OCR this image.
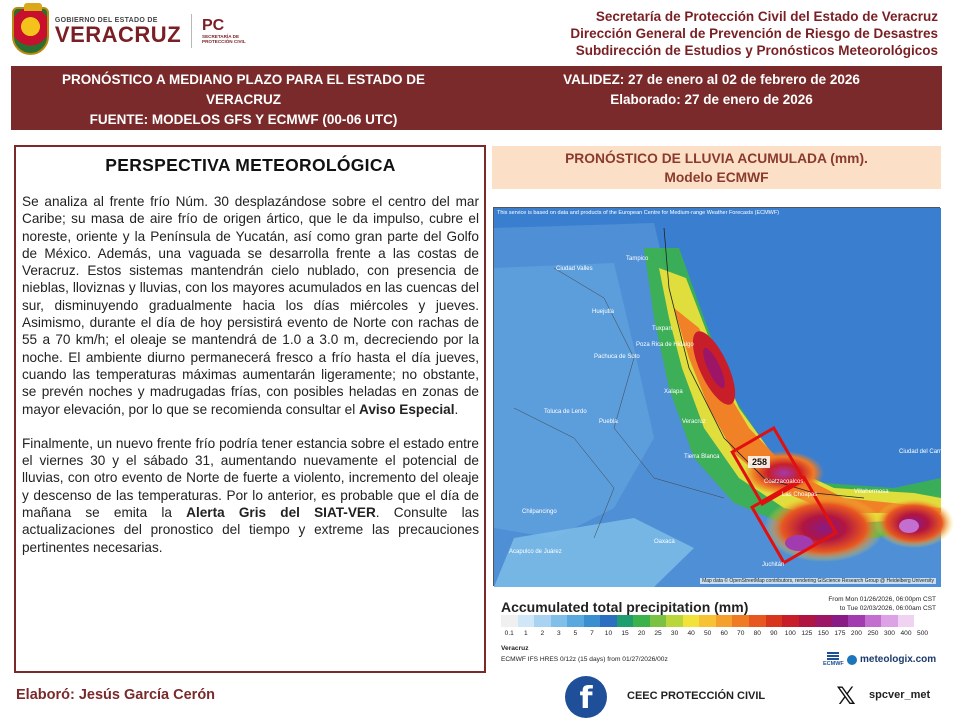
GOBIERNO DEL ESTADO DE
VERACRUZ PC
SECRETARÍA DE PROTECCIÓN CIVIL
Secretaría de Protección Civil del Estado de Veracruz
Dirección General de Prevención de Riesgo de Desastres
Subdirección de Estudios y Pronósticos Meteorológicos
PRONÓSTICO A MEDIANO PLAZO PARA EL ESTADO DE
VERACRUZ
FUENTE: MODELOS GFS Y ECMWF (00-06 UTC)
VALIDEZ: 27 de enero al 02 de febrero de 2026
Elaborado: 27 de enero de 2026
PERSPECTIVA METEOROLÓGICA

Se analiza al frente frío Núm. 30 desplazándose sobre el centro del mar Caribe; su masa de aire frío de origen ártico, que le da impulso, cubre el noreste, oriente y la Península de Yucatán, así como gran parte del Golfo de México. Además, una vaguada se desarrolla frente a las costas de Veracruz. Estos sistemas mantendrán cielo nublado, con presencia de nieblas, lloviznas y lluvias, con los mayores acumulados en las cuencas del sur, disminuyendo gradualmente hacia los días miércoles y jueves. Asimismo, durante el día de hoy persistirá evento de Norte con rachas de 55 a 70 km/h; el oleaje se mantendrá de 1.0 a 3.0 m, decreciendo por la noche. El ambiente diurno permanecerá fresco a frío hasta el día jueves, cuando las temperaturas máximas aumentarán ligeramente; no obstante, se prevén noches y madrugadas frías, con posibles heladas en zonas de mayor elevación, por lo que se recomienda consultar el Aviso Especial.

Finalmente, un nuevo frente frío podría tener estancia sobre el estado entre el viernes 30 y el sábado 31, aumentando nuevamente el potencial de lluvias, con otro evento de Norte de fuerte a violento, incremento del oleaje y descenso de las temperaturas. Por lo anterior, es probable que el día de mañana se emita la Alerta Gris del SIAT-VER. Consulte las actualizaciones del pronostico del tiempo y extreme las precauciones pertinentes necesarias.

PRONÓSTICO DE LLUVIA ACUMULADA (mm).
Modelo ECMWF
258
Ciudad Valles
Tampico
Huejutla
Poza Rica de Hidalgo
Tuxpan
Pachuca de Soto
Xalapa
Toluca de Lerdo
Puebla	Veracruz
Tierra Blanca
Coatzacoalcos
Las Choapas	Villahermosa
Ciudad del Carmen
Oaxaca
Chilpancingo
Acapulco de Juárez
Juchitán
This service is based on data and products of the European Centre for Medium-range Weather Forecasts (ECMWF)
Map data © OpenStreetMap contributors, rendering GIScience Research Group @ Heidelberg University
Accumulated total precipitation (mm)	From Mon 01/26/2026, 06:00pm CST
to Tue 02/03/2026, 06:00am CST
0.1	1	2	3	5	7	10	15	20	25	30	40	50	60	70	80	90	100 125 150 175 200 250 300 400 500
Veracruz
ECMWF IFS HRES 0/12z (15 days) from 01/27/2026/00z
ECMWF meteologix.com
Elaboró: Jesús García Cerón	f	CEEC PROTECCIÓN CIVIL	𝕏 spcver_met
